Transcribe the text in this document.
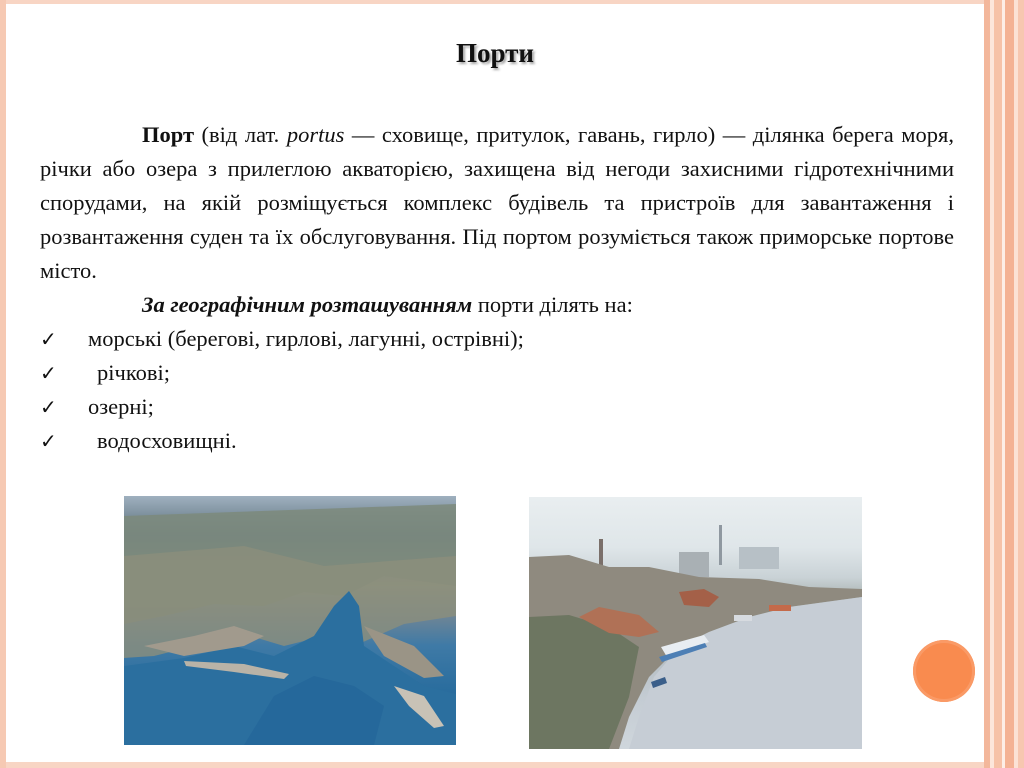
Порти

Порт (від лат. portus — сховище, притулок, гавань, гирло) — ділянка берега моря, річки або озера з прилеглою акваторією, захищена від негоди захисними гідротехнічними спорудами, на якій розміщується комплекс будівель та пристроїв для завантаження і розвантаження суден та їх обслуговування. Під портом розуміється також приморське портове місто.

За географічним розташуванням порти ділять на:

✓ морські (берегові, гирлові, лагунні, острівні);
✓ річкові;
✓ озерні;
✓ водосховищні.
